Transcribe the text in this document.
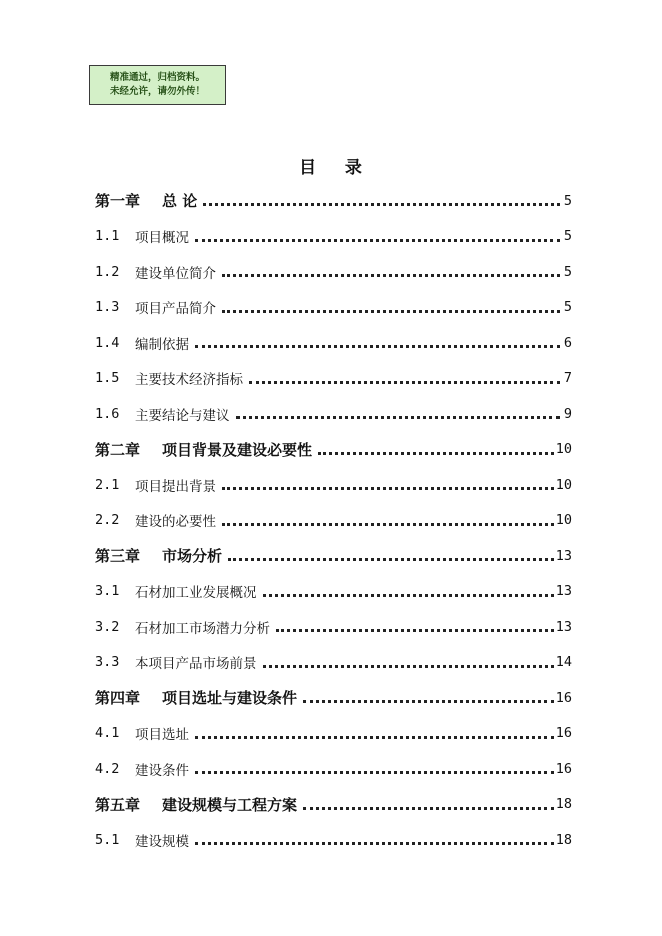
精准通过，归档资料。
未经允许，请勿外传！
目    录
第一章 总 论	5
1.1	项目概况	5
1.2	建设单位简介	5
1.3	项目产品简介	5
1.4	编制依据	6
1.5	主要技术经济指标	7
1.6	主要结论与建议	9
第二章 项目背景及建设必要性	10
2.1	项目提出背景	10
2.2	建设的必要性	10
第三章 市场分析	13
3.1	石材加工业发展概况	13
3.2	石材加工市场潜力分析	13
3.3	本项目产品市场前景	14
第四章 项目选址与建设条件	16
4.1	项目选址	16
4.2	建设条件	16
第五章 建设规模与工程方案	18
5.1	建设规模	18
